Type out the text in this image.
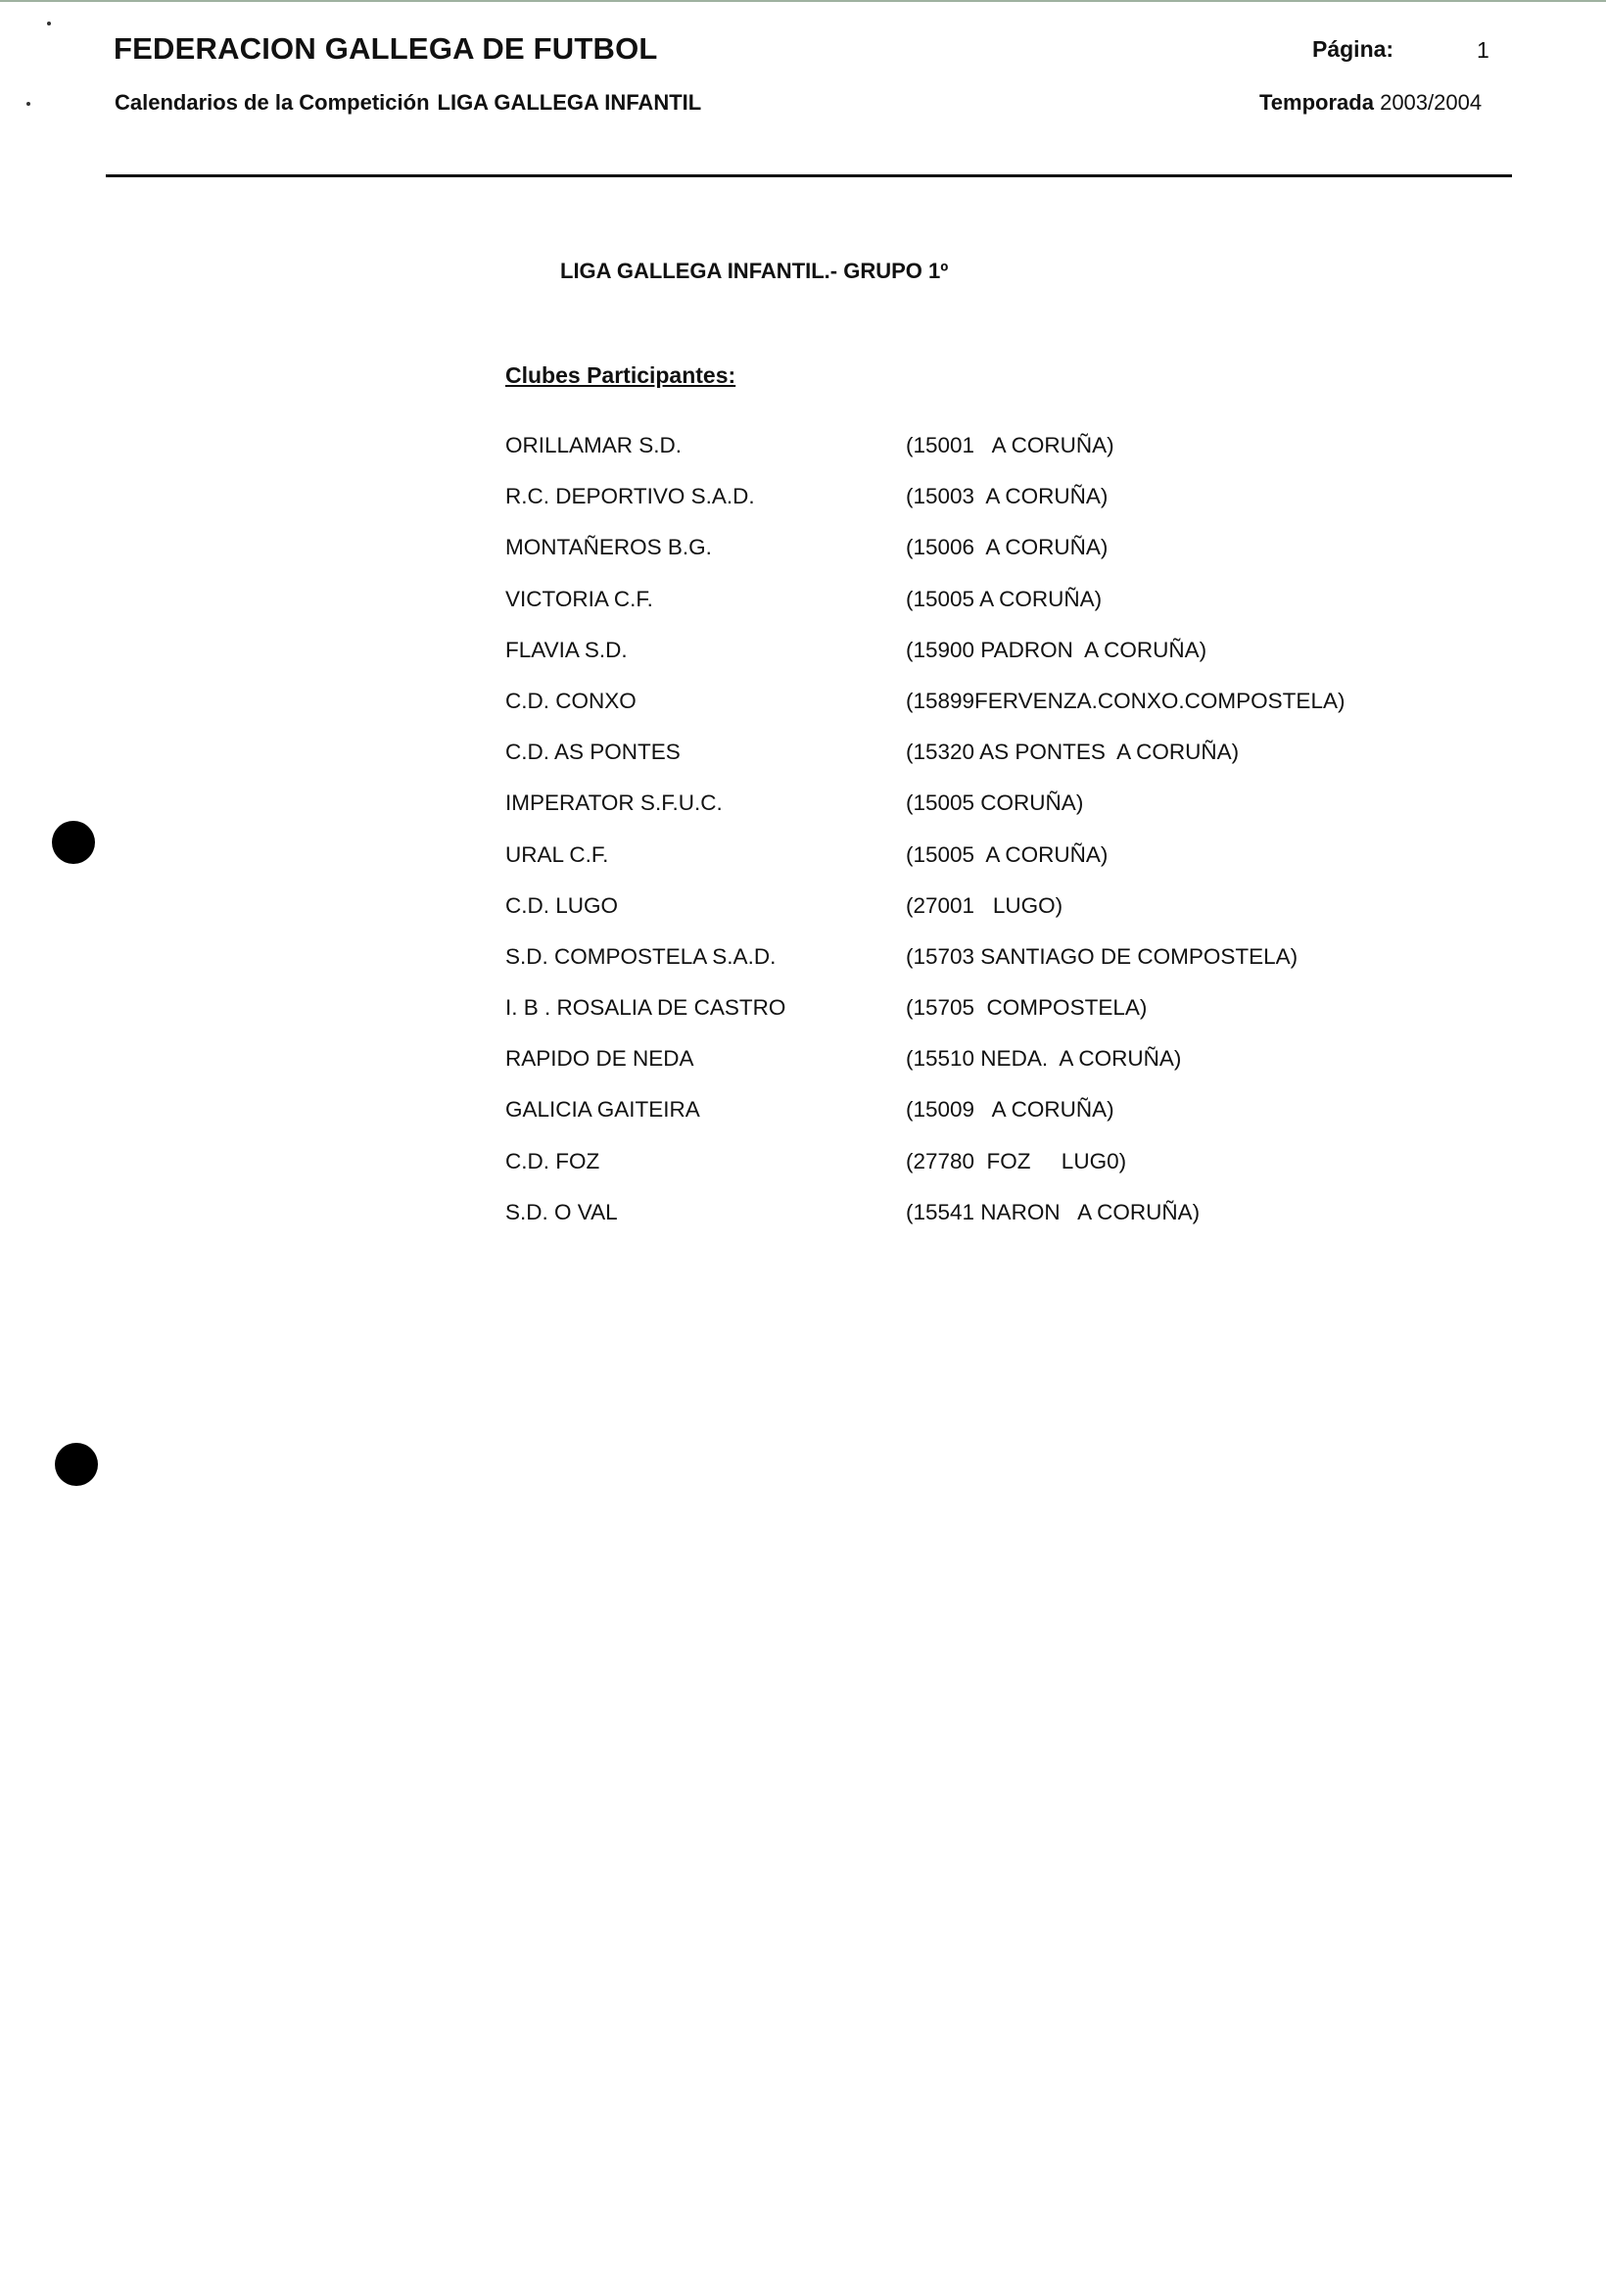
FEDERACION GALLEGA DE FUTBOL	Página:	1
Calendarios de la Competición LIGA GALLEGA INFANTIL	Temporada 2003/2004
LIGA GALLEGA INFANTIL.- GRUPO 1º
Clubes Participantes:
ORILLAMAR S.D.	(15001   A CORUÑA)
R.C. DEPORTIVO S.A.D.	(15003  A CORUÑA)
MONTAÑEROS B.G.	(15006  A CORUÑA)
VICTORIA C.F.	(15005 A CORUÑA)
FLAVIA S.D.	(15900 PADRON  A CORUÑA)
C.D. CONXO	(15899FERVENZA.CONXO.COMPOSTELA)
C.D. AS PONTES	(15320 AS PONTES  A CORUÑA)
IMPERATOR S.F.U.C.	(15005 CORUÑA)
URAL C.F.	(15005  A CORUÑA)
C.D. LUGO	(27001   LUGO)
S.D. COMPOSTELA S.A.D.	(15703 SANTIAGO DE COMPOSTELA)
I. B . ROSALIA DE CASTRO	(15705  COMPOSTELA)
RAPIDO DE NEDA	(15510 NEDA.  A CORUÑA)
GALICIA GAITEIRA	(15009   A CORUÑA)
C.D. FOZ	(27780  FOZ     LUG0)
S.D. O VAL	(15541 NARON   A CORUÑA)
